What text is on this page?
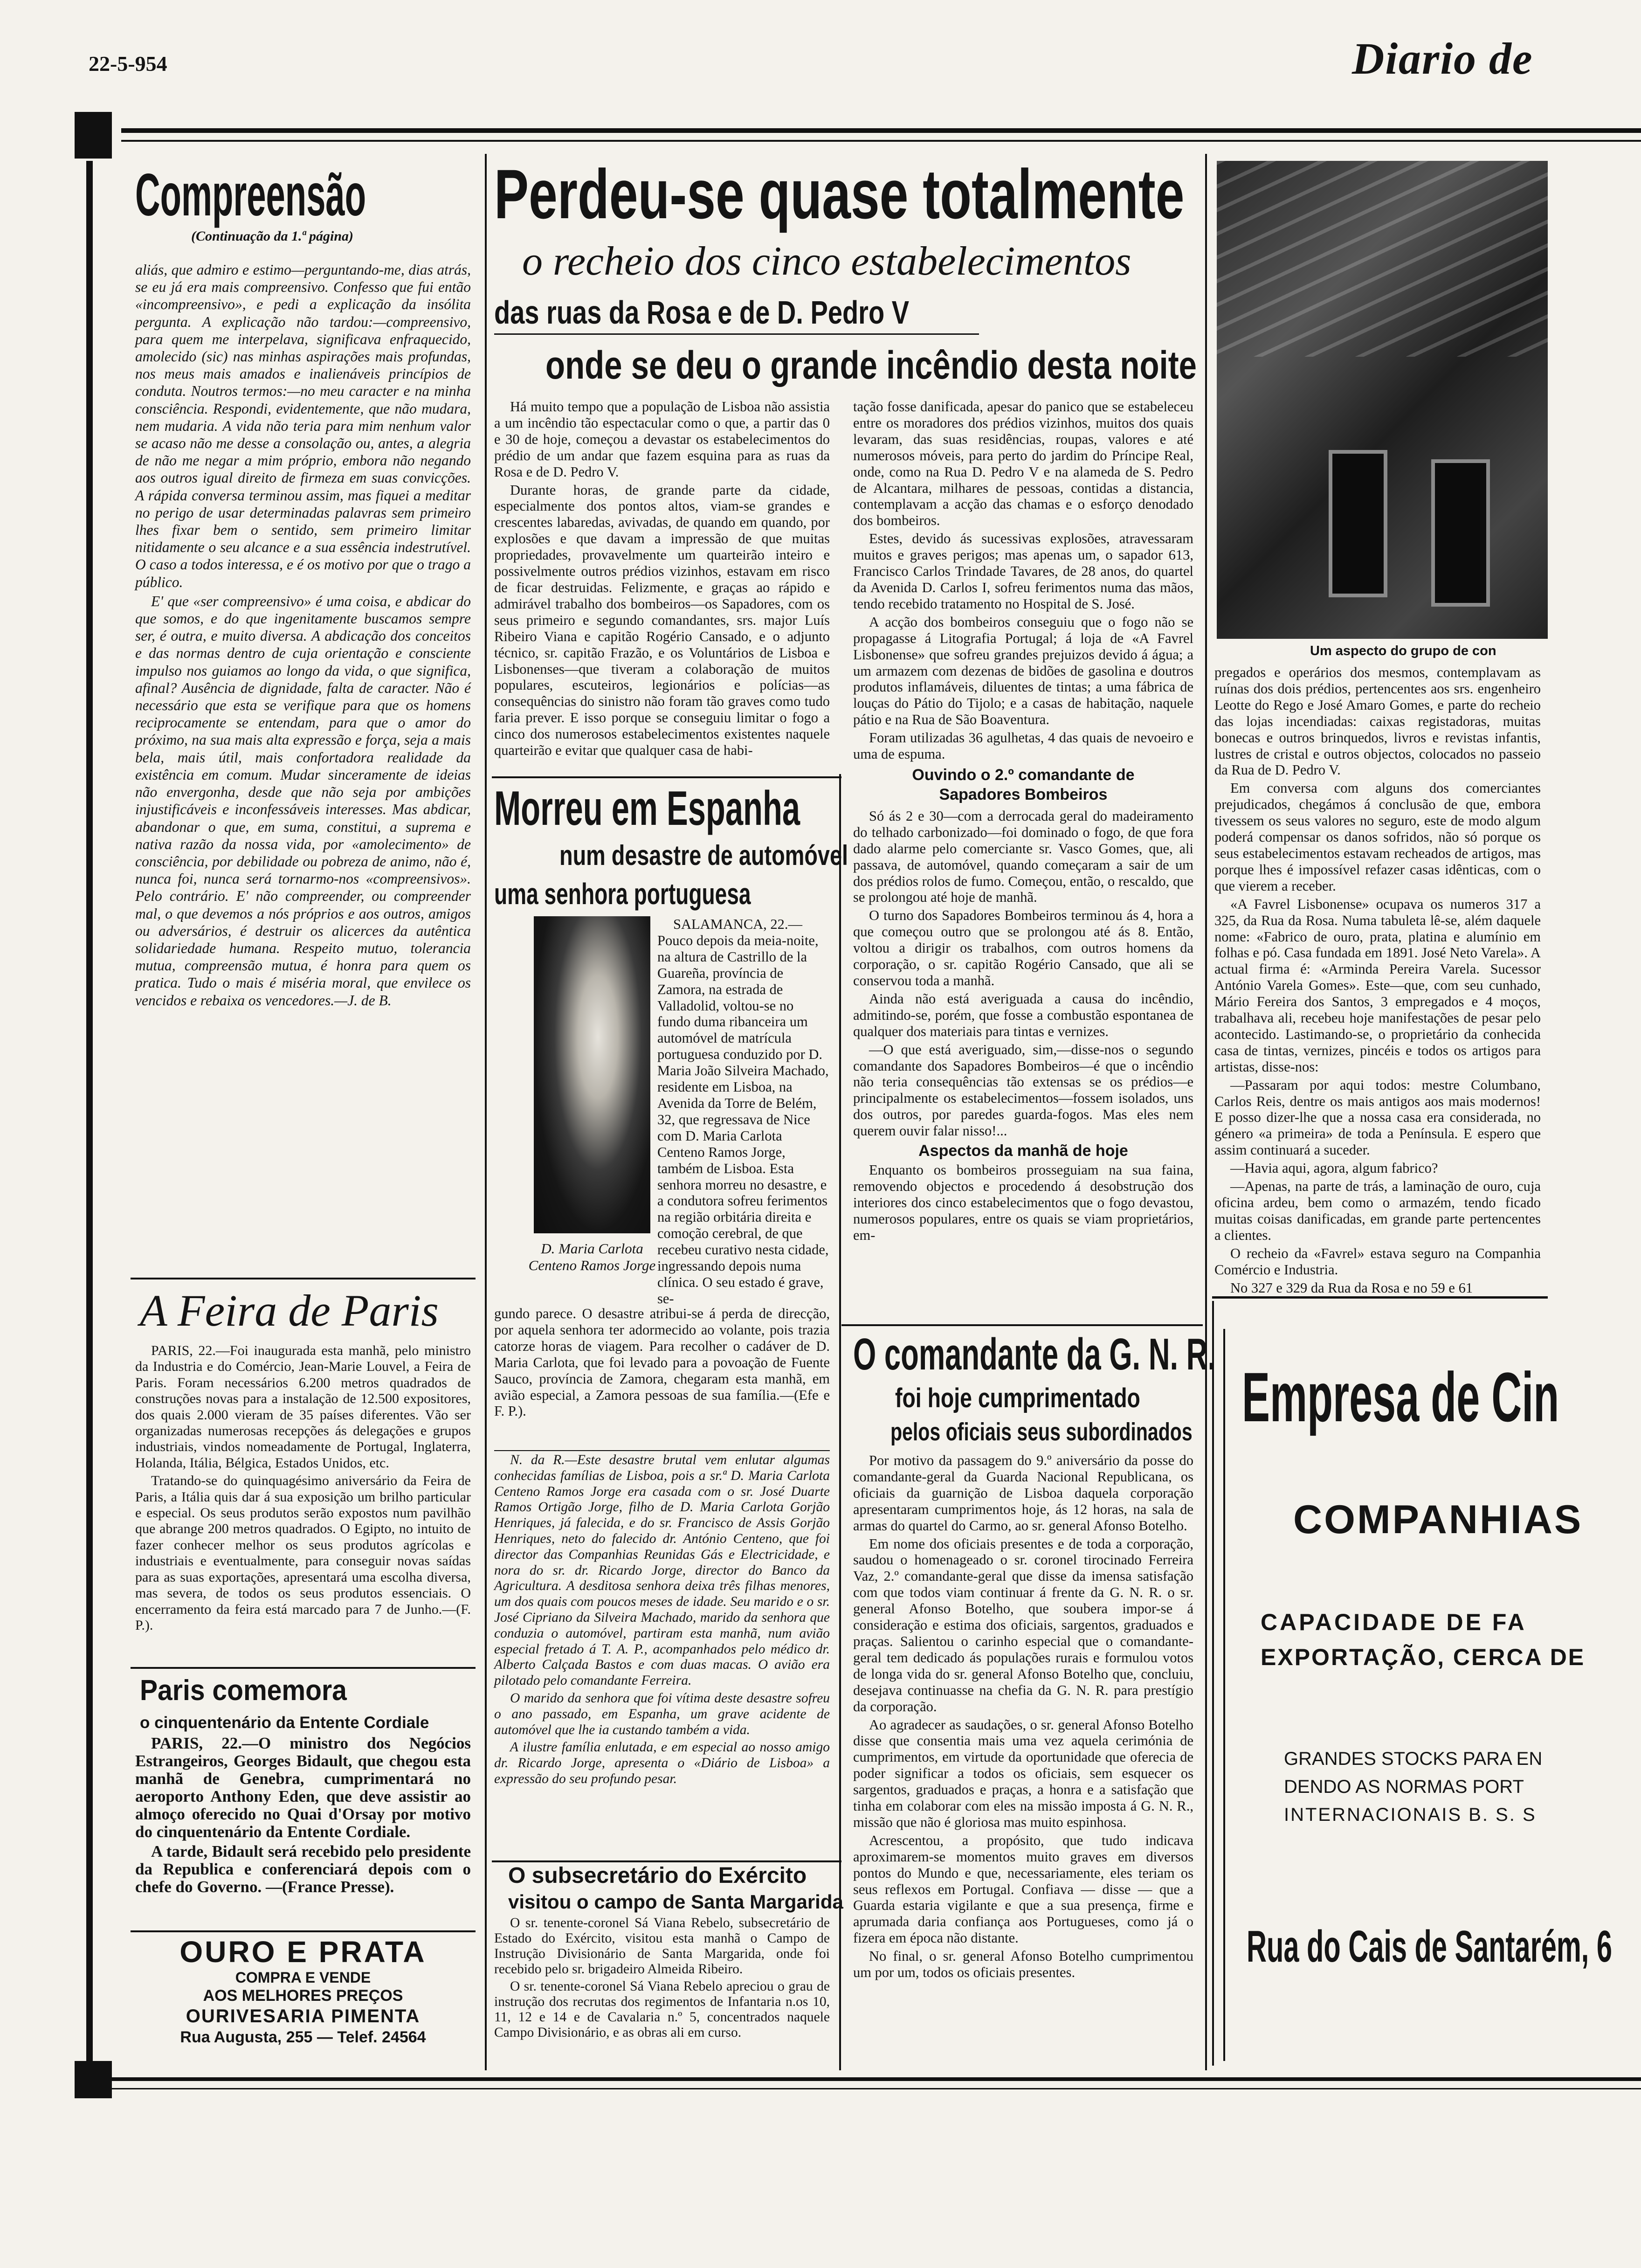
22-5-954	Diario de
Compreensão
(Continuação da 1.ª página)

aliás, que admiro e estimo—perguntando-me, dias atrás, se eu já era mais compreensivo. Confesso que fui então «incompreensivo», e pedi a explicação da insólita pergunta. A explicação não tardou:—compreensivo, para quem me interpelava, significava enfraquecido, amolecido (sic) nas minhas aspirações mais profundas, nos meus mais amados e inalienáveis princípios de conduta. Noutros termos:—no meu caracter e na minha consciência. Respondi, evidentemente, que não mudara, nem mudaria. A vida não teria para mim nenhum valor se acaso não me desse a consolação ou, antes, a alegria de não me negar a mim próprio, embora não negando aos outros igual direito de firmeza em suas convicções. A rápida conversa terminou assim, mas fiquei a meditar no perigo de usar determinadas palavras sem primeiro lhes fixar bem o sentido, sem primeiro limitar nitidamente o seu alcance e a sua essência indestrutível. O caso a todos interessa, e é os motivo por que o trago a público.

E' que «ser compreensivo» é uma coisa, e abdicar do que somos, e do que ingenitamente buscamos sempre ser, é outra, e muito diversa. A abdicação dos conceitos e das normas dentro de cuja orientação e consciente impulso nos guiamos ao longo da vida, o que significa, afinal? Ausência de dignidade, falta de caracter. Não é necessário que esta se verifique para que os homens reciprocamente se entendam, para que o amor do próximo, na sua mais alta expressão e força, seja a mais bela, mais útil, mais confortadora realidade da existência em comum. Mudar sinceramente de ideias não envergonha, desde que não seja por ambições injustificáveis e inconfessáveis interesses. Mas abdicar, abandonar o que, em suma, constitui, a suprema e nativa razão da nossa vida, por «amolecimento» de consciência, por debilidade ou pobreza de animo, não é, nunca foi, nunca será tornarmo-nos «compreensivos». Pelo contrário. E' não compreender, ou compreender mal, o que devemos a nós próprios e aos outros, amigos ou adversários, é destruir os alicerces da autêntica solidariedade humana. Respeito mutuo, tolerancia mutua, compreensão mutua, é honra para quem os pratica. Tudo o mais é miséria moral, que envilece os vencidos e rebaixa os vencedores.—J. de B.

A Feira de Paris

PARIS, 22.—Foi inaugurada esta manhã, pelo ministro da Industria e do Comércio, Jean-Marie Louvel, a Feira de Paris. Foram necessários 6.200 metros quadrados de construções novas para a instalação de 12.500 expositores, dos quais 2.000 vieram de 35 países diferentes. Vão ser organizadas numerosas recepções ás delegações e grupos industriais, vindos nomeadamente de Portugal, Inglaterra, Holanda, Itália, Bélgica, Estados Unidos, etc.

Tratando-se do quinquagésimo aniversário da Feira de Paris, a Itália quis dar á sua exposição um brilho particular e especial. Os seus produtos serão expostos num pavilhão que abrange 200 metros quadrados. O Egipto, no intuito de fazer conhecer melhor os seus produtos agrícolas e industriais e eventualmente, para conseguir novas saídas para as suas exportações, apresentará uma escolha diversa, mas severa, de todos os seus produtos essenciais. O encerramento da feira está marcado para 7 de Junho.—(F. P.).

Paris comemora
o cinquentenário da Entente Cordiale

PARIS, 22.—O ministro dos Negócios Estrangeiros, Georges Bidault, que chegou esta manhã de Genebra, cumprimentará no aeroporto Anthony Eden, que deve assistir ao almoço oferecido no Quai d'Orsay por motivo do cinquentenário da Entente Cordiale.

A tarde, Bidault será recebido pelo presidente da Republica e conferenciará depois com o chefe do Governo. —(France Presse).

OURO E PRATA
COMPRA E VENDE
AOS MELHORES PREÇOS
OURIVESARIA PIMENTA
Rua Augusta, 255 — Telef. 24564
Perdeu-se quase totalmente
o recheio dos cinco estabelecimentos
das ruas da Rosa e de D. Pedro V
onde se deu o grande incêndio desta noite

Há muito tempo que a população de Lisboa não assistia a um incêndio tão espectacular como o que, a partir das 0 e 30 de hoje, começou a devastar os estabelecimentos do prédio de um andar que fazem esquina para as ruas da Rosa e de D. Pedro V.

Durante horas, de grande parte da cidade, especialmente dos pontos altos, viam-se grandes e crescentes labaredas, avivadas, de quando em quando, por explosões e que davam a impressão de que muitas propriedades, provavelmente um quarteirão inteiro e possivelmente outros prédios vizinhos, estavam em risco de ficar destruidas. Felizmente, e graças ao rápido e admirável trabalho dos bombeiros—os Sapadores, com os seus primeiro e segundo comandantes, srs. major Luís Ribeiro Viana e capitão Rogério Cansado, e o adjunto técnico, sr. capitão Frazão, e os Voluntários de Lisboa e Lisbonenses—que tiveram a colaboração de muitos populares, escuteiros, legionários e polícias—as consequências do sinistro não foram tão graves como tudo faria prever. E isso porque se conseguiu limitar o fogo a cinco dos numerosos estabelecimentos existentes naquele quarteirão e evitar que qualquer casa de habi-

tação fosse danificada, apesar do panico que se estabeleceu entre os moradores dos prédios vizinhos, muitos dos quais levaram, das suas residências, roupas, valores e até numerosos móveis, para perto do jardim do Príncipe Real, onde, como na Rua D. Pedro V e na alameda de S. Pedro de Alcantara, milhares de pessoas, contidas a distancia, contemplavam a acção das chamas e o esforço denodado dos bombeiros.

Estes, devido ás sucessivas explosões, atravessaram muitos e graves perigos; mas apenas um, o sapador 613, Francisco Carlos Trindade Tavares, de 28 anos, do quartel da Avenida D. Carlos I, sofreu ferimentos numa das mãos, tendo recebido tratamento no Hospital de S. José.

A acção dos bombeiros conseguiu que o fogo não se propagasse á Litografia Portugal; á loja de «A Favrel Lisbonense» que sofreu grandes prejuizos devido á água; a um armazem com dezenas de bidões de gasolina e doutros produtos inflamáveis, diluentes de tintas; a uma fábrica de louças do Pátio do Tijolo; e a casas de habitação, naquele pátio e na Rua de São Boaventura.

Foram utilizadas 36 agulhetas, 4 das quais de nevoeiro e uma de espuma.

Ouvindo o 2.º comandante de Sapadores Bombeiros

Só ás 2 e 30—com a derrocada geral do madeiramento do telhado carbonizado—foi dominado o fogo, de que fora dado alarme pelo comerciante sr. Vasco Gomes, que, ali passava, de automóvel, quando começaram a sair de um dos prédios rolos de fumo. Começou, então, o rescaldo, que se prolongou até hoje de manhã.

O turno dos Sapadores Bombeiros terminou ás 4, hora a que começou outro que se prolongou até ás 8. Então, voltou a dirigir os trabalhos, com outros homens da corporação, o sr. capitão Rogério Cansado, que ali se conservou toda a manhã.

Ainda não está averiguada a causa do incêndio, admitindo-se, porém, que fosse a combustão espontanea de qualquer dos materiais para tintas e vernizes.

—O que está averiguado, sim,—disse-nos o segundo comandante dos Sapadores Bombeiros—é que o incêndio não teria consequências tão extensas se os prédios—e principalmente os estabelecimentos—fossem isolados, uns dos outros, por paredes guarda-fogos. Mas eles nem querem ouvir falar nisso!...

Aspectos da manhã de hoje

Enquanto os bombeiros prosseguiam na sua faina, removendo objectos e procedendo á desobstrução dos interiores dos cinco estabelecimentos que o fogo devastou, numerosos populares, entre os quais se viam proprietários, em-

Morreu em Espanha
num desastre de automóvel
uma senhora portuguesa
D. Maria Carlota Centeno Ramos Jorge

SALAMANCA, 22.—Pouco depois da meia-noite, na altura de Castrillo de la Guareña, província de Zamora, na estrada de Valladolid, voltou-se no fundo duma ribanceira um automóvel de matrícula portuguesa conduzido por D. Maria João Silveira Machado, residente em Lisboa, na Avenida da Torre de Belém, 32, que regressava de Nice com D. Maria Carlota Centeno Ramos Jorge, também de Lisboa. Esta senhora morreu no desastre, e a condutora sofreu ferimentos na região orbitária direita e comoção cerebral, de que recebeu curativo nesta cidade, ingressando depois numa clínica. O seu estado é grave, se-

gundo parece. O desastre atribui-se á perda de direcção, por aquela senhora ter adormecido ao volante, pois trazia catorze horas de viagem. Para recolher o cadáver de D. Maria Carlota, que foi levado para a povoação de Fuente Sauco, província de Zamora, chegaram esta manhã, em avião especial, a Zamora pessoas de sua família.—(Efe e F. P.).

N. da R.—Este desastre brutal vem enlutar algumas conhecidas famílias de Lisboa, pois a sr.ª D. Maria Carlota Centeno Ramos Jorge era casada com o sr. José Duarte Ramos Ortigão Jorge, filho de D. Maria Carlota Gorjão Henriques, já falecida, e do sr. Francisco de Assis Gorjão Henriques, neto do falecido dr. António Centeno, que foi director das Companhias Reunidas Gás e Electricidade, e nora do sr. dr. Ricardo Jorge, director do Banco da Agricultura. A desditosa senhora deixa três filhas menores, um dos quais com poucos meses de idade. Seu marido e o sr. José Cipriano da Silveira Machado, marido da senhora que conduzia o automóvel, partiram esta manhã, num avião especial fretado á T. A. P., acompanhados pelo médico dr. Alberto Calçada Bastos e com duas macas. O avião era pilotado pelo comandante Ferreira.

O marido da senhora que foi vítima deste desastre sofreu o ano passado, em Espanha, um grave acidente de automóvel que lhe ia custando também a vida.

A ilustre família enlutada, e em especial ao nosso amigo dr. Ricardo Jorge, apresenta o «Diário de Lisboa» a expressão do seu profundo pesar.

O subsecretário do Exército
visitou o campo de Santa Margarida

O sr. tenente-coronel Sá Viana Rebelo, subsecretário de Estado do Exército, visitou esta manhã o Campo de Instrução Divisionário de Santa Margarida, onde foi recebido pelo sr. brigadeiro Almeida Ribeiro.

O sr. tenente-coronel Sá Viana Rebelo apreciou o grau de instrução dos recrutas dos regimentos de Infantaria n.os 10, 11, 12 e 14 e de Cavalaria n.º 5, concentrados naquele Campo Divisionário, e as obras ali em curso.

O comandante da G. N. R.
foi hoje cumprimentado
pelos oficiais seus subordinados

Por motivo da passagem do 9.º aniversário da posse do comandante-geral da Guarda Nacional Republicana, os oficiais da guarnição de Lisboa daquela corporação apresentaram cumprimentos hoje, ás 12 horas, na sala de armas do quartel do Carmo, ao sr. general Afonso Botelho.

Em nome dos oficiais presentes e de toda a corporação, saudou o homenageado o sr. coronel tirocinado Ferreira Vaz, 2.º comandante-geral que disse da imensa satisfação com que todos viam continuar á frente da G. N. R. o sr. general Afonso Botelho, que soubera impor-se á consideração e estima dos oficiais, sargentos, graduados e praças. Salientou o carinho especial que o comandante-geral tem dedicado ás populações rurais e formulou votos de longa vida do sr. general Afonso Botelho que, concluiu, desejava continuasse na chefia da G. N. R. para prestígio da corporação.

Ao agradecer as saudações, o sr. general Afonso Botelho disse que consentia mais uma vez aquela cerimónia de cumprimentos, em virtude da oportunidade que oferecia de poder significar a todos os oficiais, sem esquecer os sargentos, graduados e praças, a honra e a satisfação que tinha em colaborar com eles na missão imposta á G. N. R., missão que não é gloriosa mas muito espinhosa.

Acrescentou, a propósito, que tudo indicava aproximarem-se momentos muito graves em diversos pontos do Mundo e que, necessariamente, eles teriam os seus reflexos em Portugal. Confiava — disse — que a Guarda estaria vigilante e que a sua presença, firme e aprumada daria confiança aos Portugueses, como já o fizera em época não distante.

No final, o sr. general Afonso Botelho cumprimentou um por um, todos os oficiais presentes.

Um aspecto do grupo de con

pregados e operários dos mesmos, contemplavam as ruínas dos dois prédios, pertencentes aos srs. engenheiro Leotte do Rego e José Amaro Gomes, e parte do recheio das lojas incendiadas: caixas registadoras, muitas bonecas e outros brinquedos, livros e revistas infantis, lustres de cristal e outros objectos, colocados no passeio da Rua de D. Pedro V.

Em conversa com alguns dos comerciantes prejudicados, chegámos á conclusão de que, embora tivessem os seus valores no seguro, este de modo algum poderá compensar os danos sofridos, não só porque os seus estabelecimentos estavam recheados de artigos, mas porque lhes é impossível refazer casas idênticas, com o que vierem a receber.

«A Favrel Lisbonense» ocupava os numeros 317 a 325, da Rua da Rosa. Numa tabuleta lê-se, além daquele nome: «Fabrico de ouro, prata, platina e alumínio em folhas e pó. Casa fundada em 1891. José Neto Varela». A actual firma é: «Arminda Pereira Varela. Sucessor António Varela Gomes». Este—que, com seu cunhado, Mário Fereira dos Santos, 3 empregados e 4 moços, trabalhava ali, recebeu hoje manifestações de pesar pelo acontecido. Lastimando-se, o proprietário da conhecida casa de tintas, vernizes, pincéis e todos os artigos para artistas, disse-nos:

—Passaram por aqui todos: mestre Columbano, Carlos Reis, dentre os mais antigos aos mais modernos! E posso dizer-lhe que a nossa casa era considerada, no género «a primeira» de toda a Península. E espero que assim continuará a suceder.

—Havia aqui, agora, algum fabrico?

—Apenas, na parte de trás, a laminação de ouro, cuja oficina ardeu, bem como o armazém, tendo ficado muitas coisas danificadas, em grande parte pertencentes a clientes.

O recheio da «Favrel» estava seguro na Companhia Comércio e Industria.

No 327 e 329 da Rua da Rosa e no 59 e 61

Empresa de Cin
COMPANHIAS
CAPACIDADE DE FA
EXPORTAÇÃO, CERCA DE
GRANDES STOCKS PARA EN
DENDO AS NORMAS PORT
INTERNACIONAIS B. S. S
Rua do Cais de Santarém, 6
